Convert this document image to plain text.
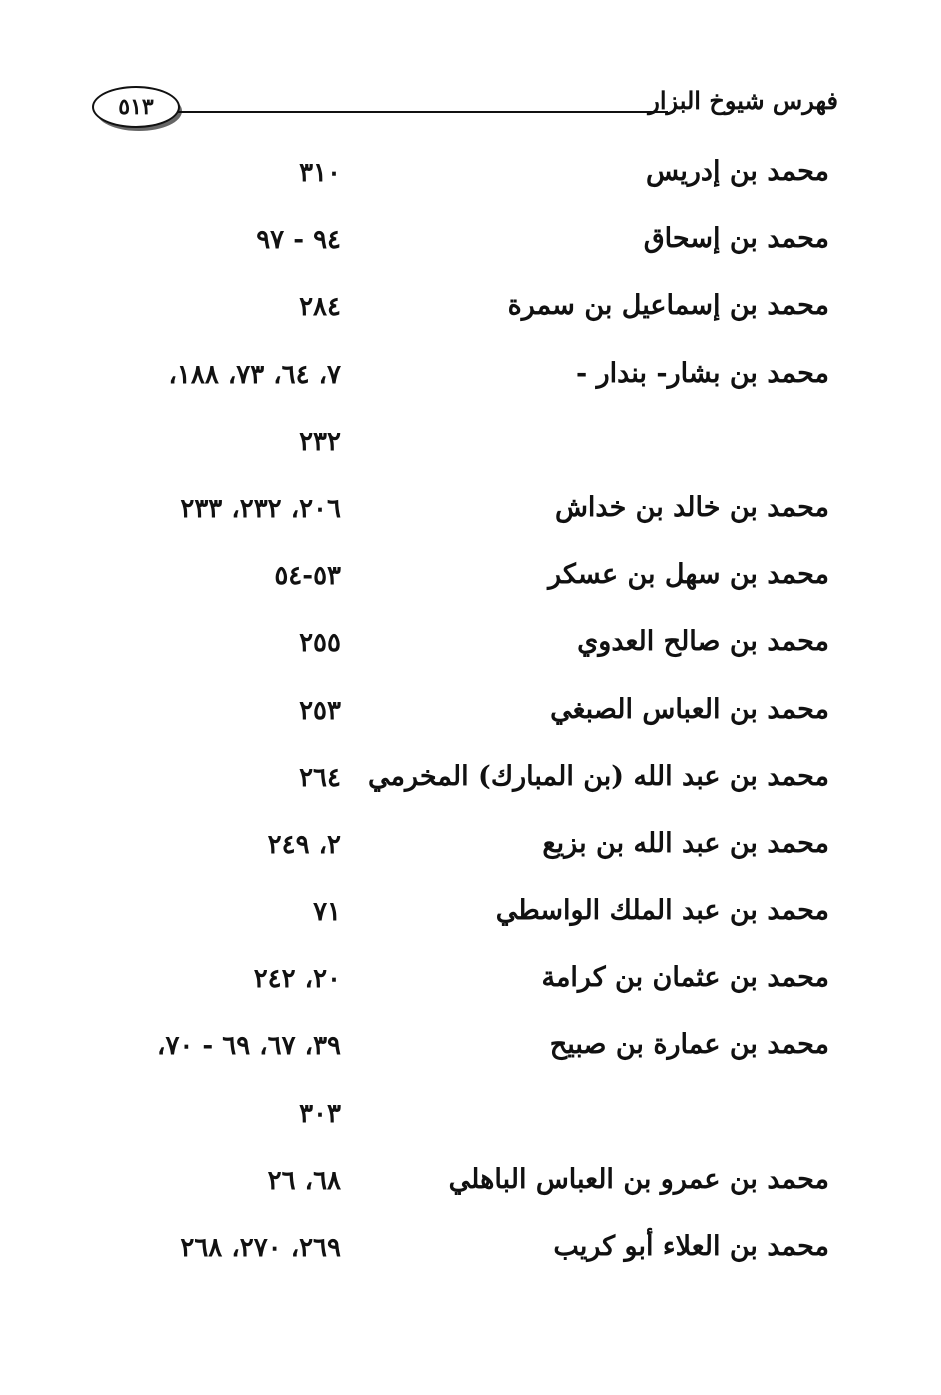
٥١٣	فهرس شيوخ البزار
محمد بن إدريس
٣١٠
محمد بن إسحاق
٩٤ - ٩٧
محمد بن إسماعيل بن سمرة
٢٨٤
محمد بن بشار- بندار -
٧، ٦٤، ٧٣، ١٨٨،
٢٣٢
محمد بن خالد بن خداش
٢٠٦، ٢٣٢، ٢٣٣
محمد بن سهل بن عسكر
٥٣-٥٤
محمد بن صالح العدوي
٢٥٥
محمد بن العباس الصبغي
٢٥٣
محمد بن عبد الله (بن المبارك) المخرمي
٢٦٤
محمد بن عبد الله بن بزيع
٢، ٢٤٩
محمد بن عبد الملك الواسطي
٧١
محمد بن عثمان بن كرامة
٢٠، ٢٤٢
محمد بن عمارة بن صبيح
٣٩، ٦٧، ٦٩ - ٧٠،
٣٠٣
محمد بن عمرو بن العباس الباهلي
٦٨، ٢٦
محمد بن العلاء أبو كريب
٢٦٩، ٢٧٠، ٢٦٨
